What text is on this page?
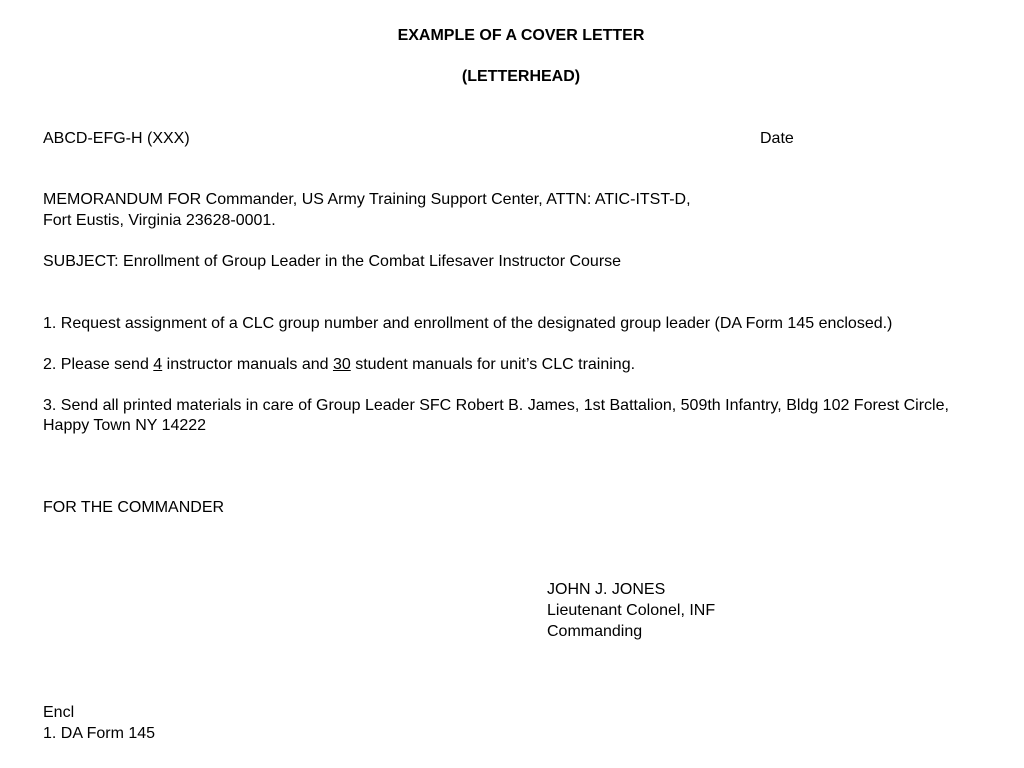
EXAMPLE OF A COVER LETTER
(LETTERHEAD)
ABCD-EFG-H (XXX)	Date
MEMORANDUM FOR Commander, US Army Training Support Center, ATTN: ATIC-ITST-D,
Fort Eustis, Virginia 23628-0001.
SUBJECT: Enrollment of Group Leader in the Combat Lifesaver Instructor Course
1. Request assignment of a CLC group number and enrollment of the designated group leader (DA Form 145 enclosed.)
2. Please send 4 instructor manuals and 30 student manuals for unit’s CLC training.
3. Send all printed materials in care of Group Leader SFC Robert B. James, 1st Battalion, 509th Infantry, Bldg 102 Forest Circle, Happy Town NY 14222
FOR THE COMMANDER
JOHN J. JONES
Lieutenant Colonel, INF
Commanding
Encl
1. DA Form 145
